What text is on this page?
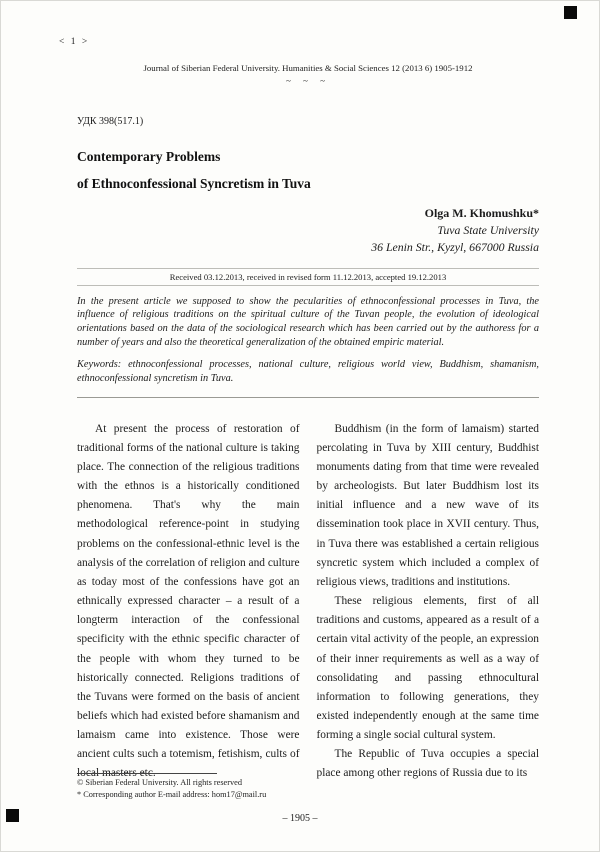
< 1 >
Journal of Siberian Federal University. Humanities & Social Sciences 12 (2013 6) 1905-1912
~ ~ ~
УДК 398(517.1)
Contemporary Problems
of Ethnoconfessional Syncretism in Tuva
Olga M. Khomushku*
Tuva State University
36 Lenin Str., Kyzyl, 667000 Russia
Received 03.12.2013, received in revised form 11.12.2013, accepted 19.12.2013

In the present article we supposed to show the pecularities of ethnoconfessional processes in Tuva, the influence of religious traditions on the spiritual culture of the Tuvan people, the evolution of ideological orientations based on the data of the sociological research which has been carried out by the authoress for a number of years and also the theoretical generalization of the obtained empiric material.

Keywords: ethnoconfessional processes, national culture, religious world view, Buddhism, shamanism, ethnoconfessional syncretism in Tuva.

At present the process of restoration of traditional forms of the national culture is taking place. The connection of the religious traditions with the ethnos is a historically conditioned phenomena. That's why the main methodological reference-point in studying problems on the confessional-ethnic level is the analysis of the correlation of religion and culture as today most of the confessions have got an ethnically expressed character – a result of a longterm interaction of the confessional specificity with the ethnic specific character of the people with whom they turned to be historically connected. Religions traditions of the Tuvans were formed on the basis of ancient beliefs which had existed before shamanism and lamaism came into existence. Those were ancient cults such a totemism, fetishism, cults of local masters etc.

Buddhism (in the form of lamaism) started percolating in Tuva by XIII century, Buddhist monuments dating from that time were revealed by archeologists. But later Buddhism lost its initial influence and a new wave of its dissemination took place in XVII century. Thus, in Tuva there was established a certain religious syncretic system which included a complex of religious views, traditions and institutions.

These religious elements, first of all traditions and customs, appeared as a result of a certain vital activity of the people, an expression of their inner requirements as well as a way of consolidating and passing ethnocultural information to following generations, they existed independently enough at the same time forming a single social cultural system.

The Republic of Tuva occupies a special place among other regions of Russia due to its

© Siberian Federal University. All rights reserved
* Corresponding author E-mail address: hom17@mail.ru
– 1905 –
